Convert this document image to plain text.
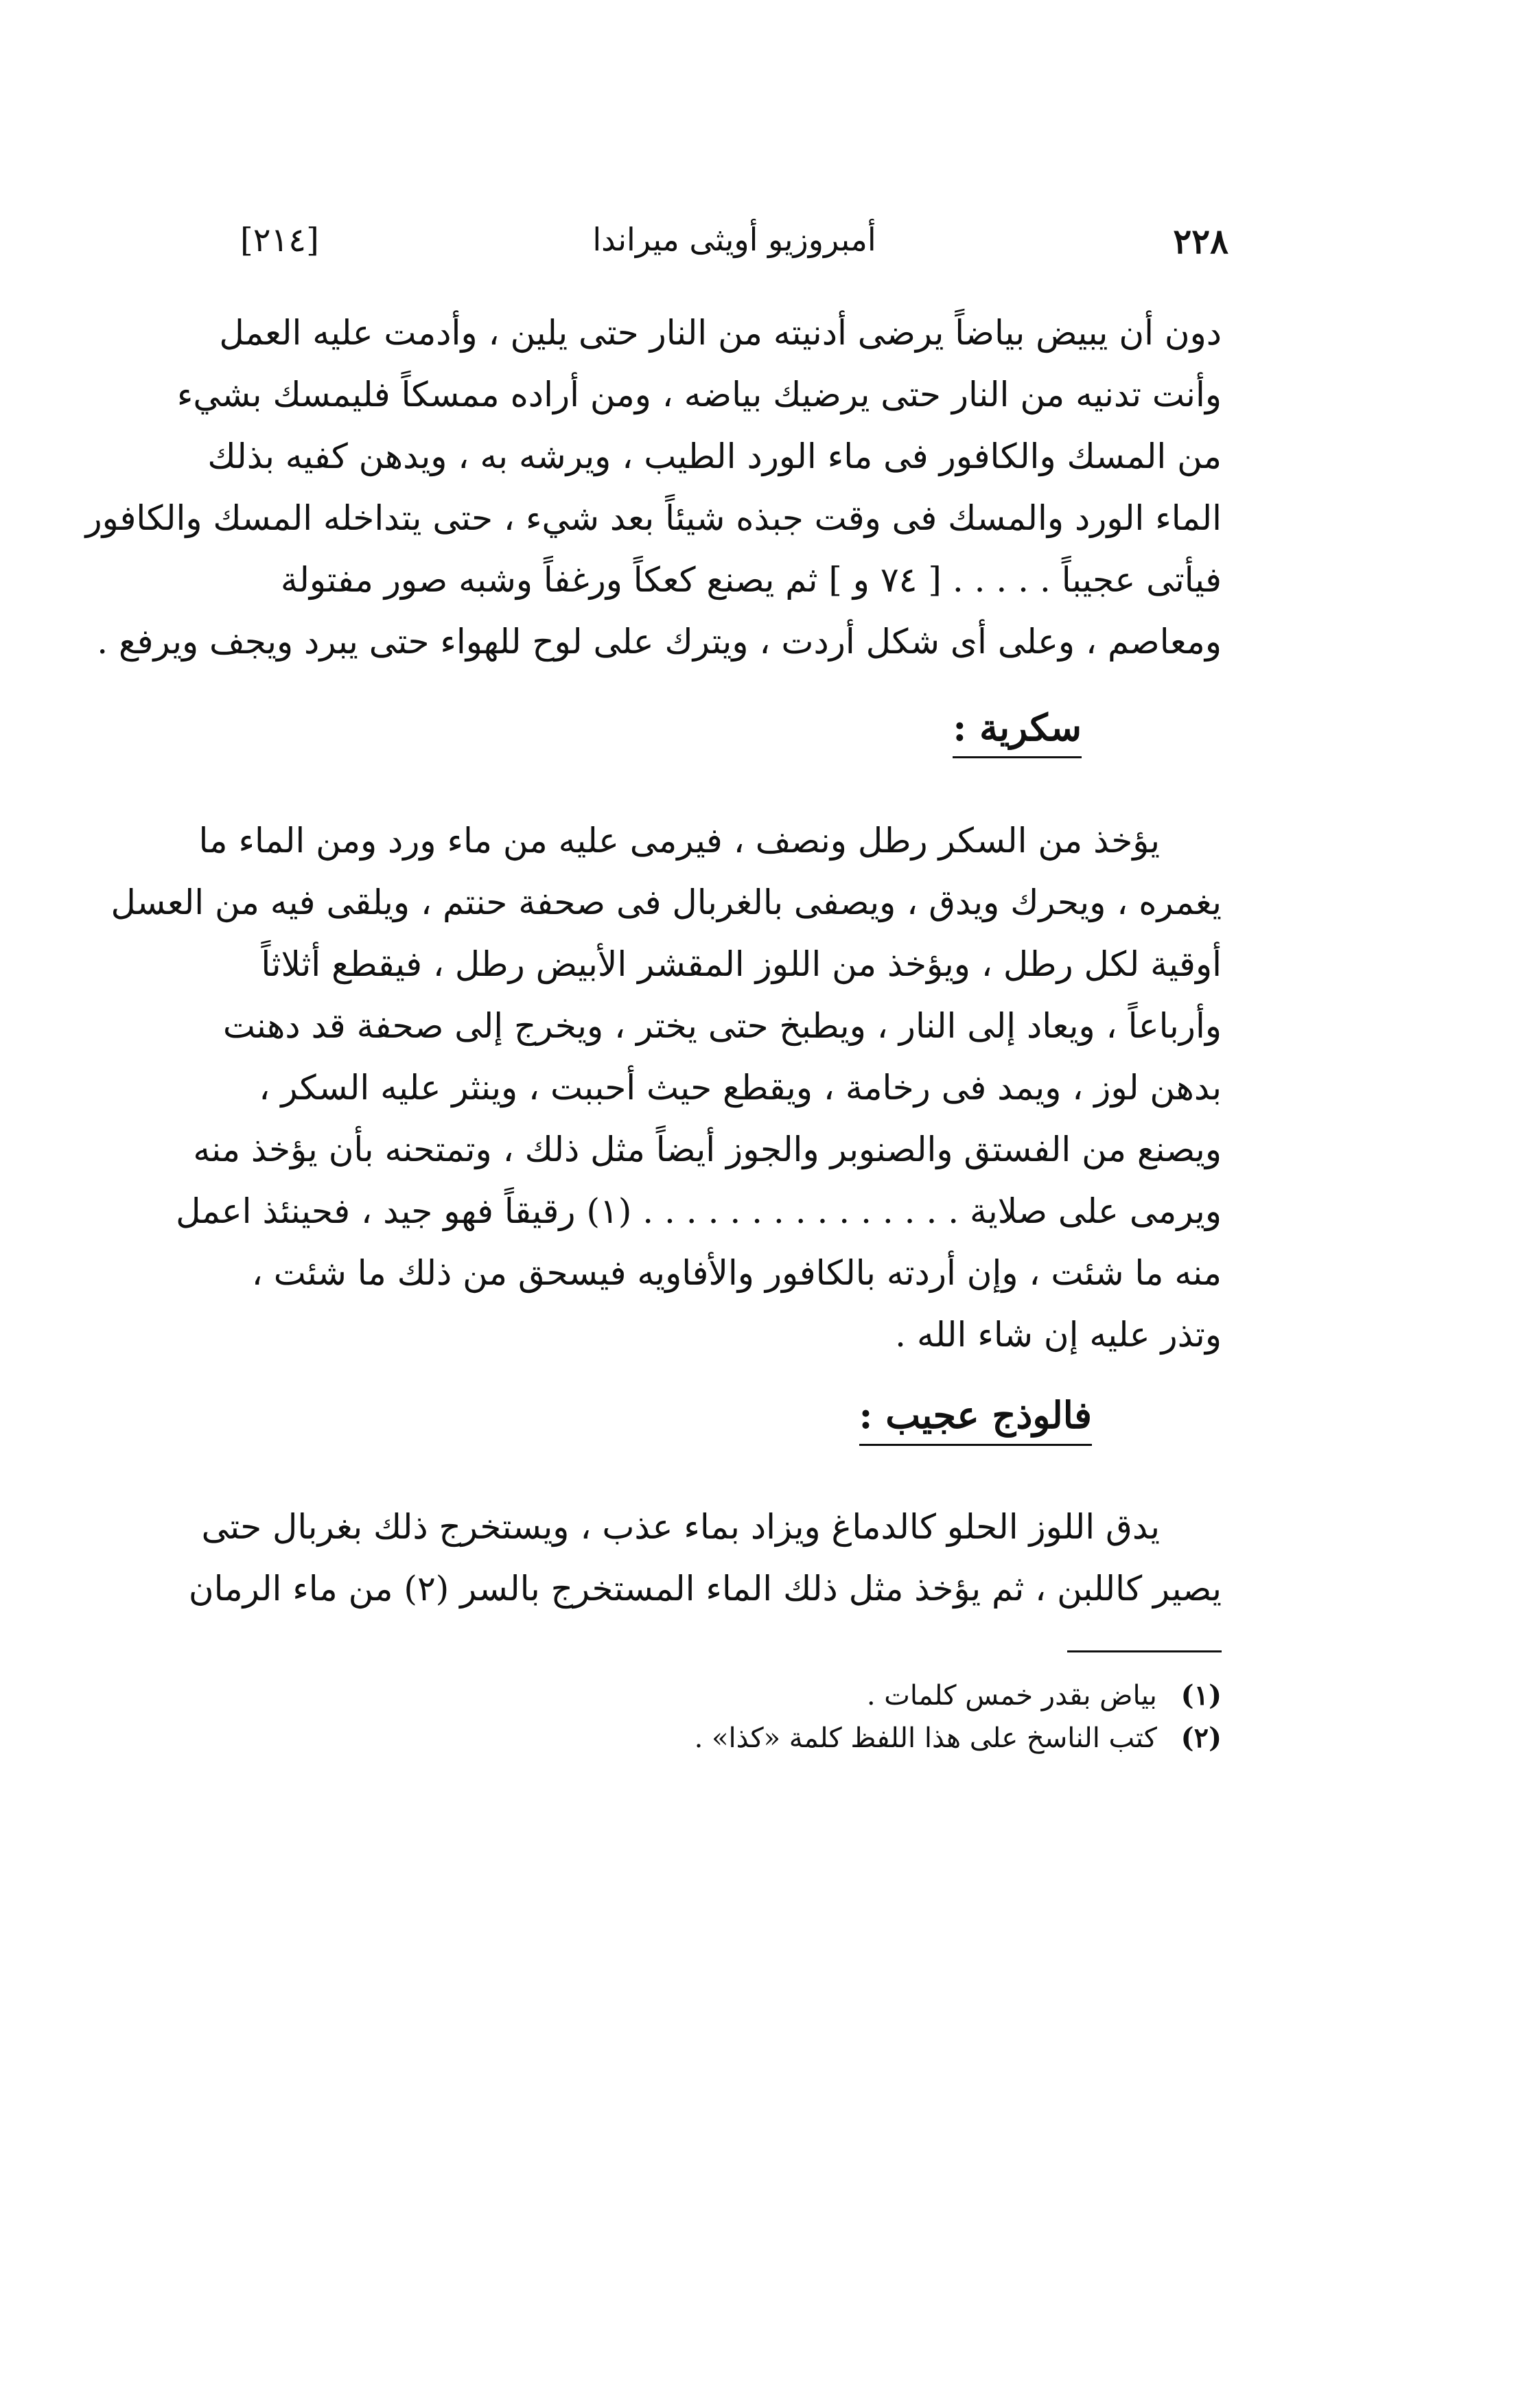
٢٢٨
أمبروزيو أويثى ميراندا
[٢١٤]
دون أن يبيض بياضاً يرضى أدنيته من النار حتى يلين ، وأدمت عليه العمل
وأنت تدنيه من النار حتى يرضيك بياضه ، ومن أراده ممسكاً فليمسك بشيء
من المسك والكافور فى ماء الورد الطيب ، ويرشه به ، ويدهن كفيه بذلك
الماء الورد والمسك فى وقت جبذه شيئاً بعد شيء ، حتى يتداخله المسك والكافور
فيأتى عجيباً . . . . . [ ٧٤ و ] ثم يصنع كعكاً ورغفاً وشبه صور مفتولة
ومعاصم ، وعلى أى شكل أردت ، ويترك على لوح للهواء حتى يبرد ويجف ويرفع .
سكرية :
يؤخذ من السكر رطل ونصف ، فيرمى عليه من ماء ورد ومن الماء ما
يغمره ، ويحرك ويدق ، ويصفى بالغربال فى صحفة حنتم ، ويلقى فيه من العسل
أوقية لكل رطل ، ويؤخذ من اللوز المقشر الأبيض رطل ، فيقطع أثلاثاً
وأرباعاً ، ويعاد إلى النار ، ويطبخ حتى يختر ، ويخرج إلى صحفة قد دهنت
بدهن لوز ، ويمد فى رخامة ، ويقطع حيث أحببت ، وينثر عليه السكر ،
ويصنع من الفستق والصنوبر والجوز أيضاً مثل ذلك ، وتمتحنه بأن يؤخذ منه
ويرمى على صلاية . . . . . . . . . . . . . . . (١) رقيقاً فهو جيد ، فحينئذ اعمل
منه ما شئت ، وإن أردته بالكافور والأفاويه فيسحق من ذلك ما شئت ،
وتذر عليه إن شاء الله .
فالوذج عجيب :
يدق اللوز الحلو كالدماغ ويزاد بماء عذب ، ويستخرج ذلك بغربال حتى
يصير كاللبن ، ثم يؤخذ مثل ذلك الماء المستخرج بالسر (٢) من ماء الرمان
(١) بياض بقدر خمس كلمات .
(٢) كتب الناسخ على هذا اللفظ كلمة «كذا» .
